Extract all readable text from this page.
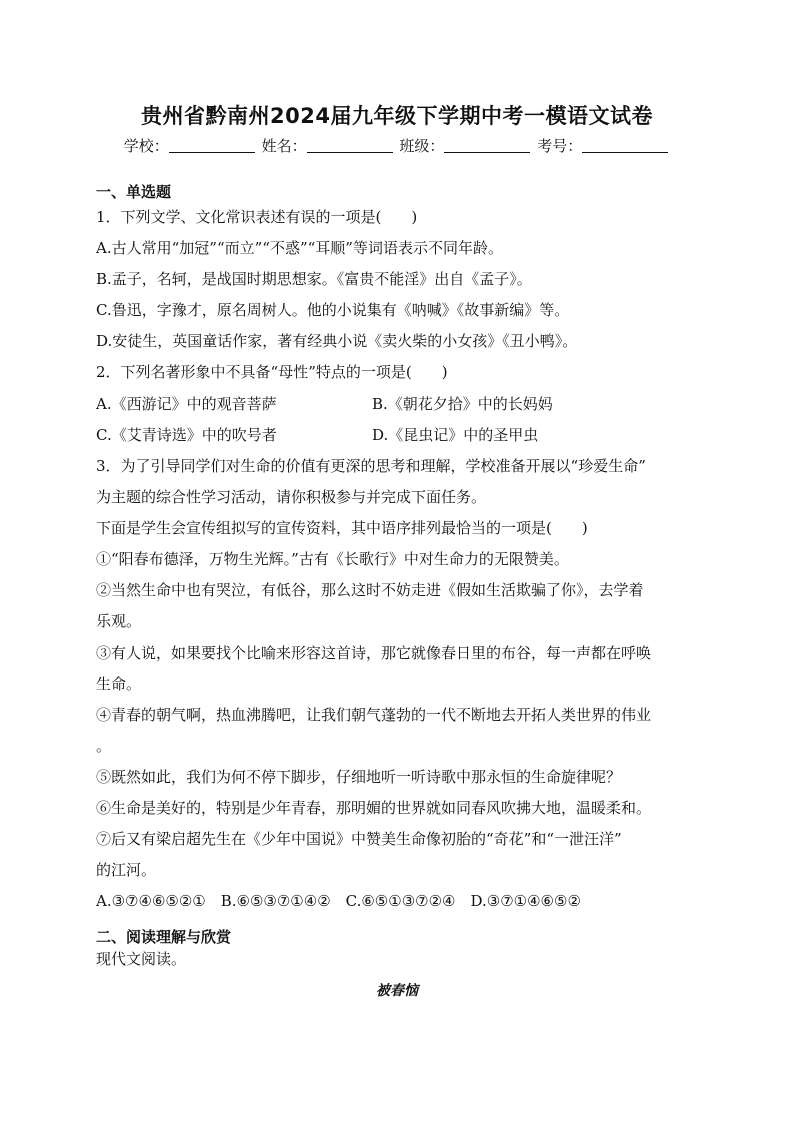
贵州省黔南州2024届九年级下学期中考一模语文试卷
学校：	姓名：	班级：	考号：
一、单选题
1．下列文学、文化常识表述有误的一项是(　　)
A.古人常用“加冠”“而立”“不惑”“耳顺”等词语表示不同年龄。
B.孟子，名轲，是战国时期思想家。《富贵不能淫》出自《孟子》。
C.鲁迅，字豫才，原名周树人。他的小说集有《呐喊》《故事新编》等。
D.安徒生，英国童话作家，著有经典小说《卖火柴的小女孩》《丑小鸭》。
2．下列名著形象中不具备“母性”特点的一项是(　　)
A.《西游记》中的观音菩萨	B.《朝花夕拾》中的长妈妈
C.《艾青诗选》中的吹号者	D.《昆虫记》中的圣甲虫
3．为了引导同学们对生命的价值有更深的思考和理解，学校准备开展以“珍爱生命”
为主题的综合性学习活动，请你积极参与并完成下面任务。
下面是学生会宣传组拟写的宣传资料，其中语序排列最恰当的一项是(　　)
①“阳春布德泽，万物生光辉。”古有《长歌行》中对生命力的无限赞美。
②当然生命中也有哭泣，有低谷，那么这时不妨走进《假如生活欺骗了你》，去学着
乐观。
③有人说，如果要找个比喻来形容这首诗，那它就像春日里的布谷，每一声都在呼唤
生命。
④青春的朝气啊，热血沸腾吧，让我们朝气蓬勃的一代不断地去开拓人类世界的伟业
。
⑤既然如此，我们为何不停下脚步，仔细地听一听诗歌中那永恒的生命旋律呢？
⑥生命是美好的，特别是少年青春，那明媚的世界就如同春风吹拂大地，温暖柔和。
⑦后又有梁启超先生在《少年中国说》中赞美生命像初胎的“奇花”和“一泄汪洋”
的江河。
A.③⑦④⑥⑤②①　B.⑥⑤③⑦①④②　C.⑥⑤①③⑦②④　D.③⑦①④⑥⑤②
二、阅读理解与欣赏
现代文阅读。
被春恼
